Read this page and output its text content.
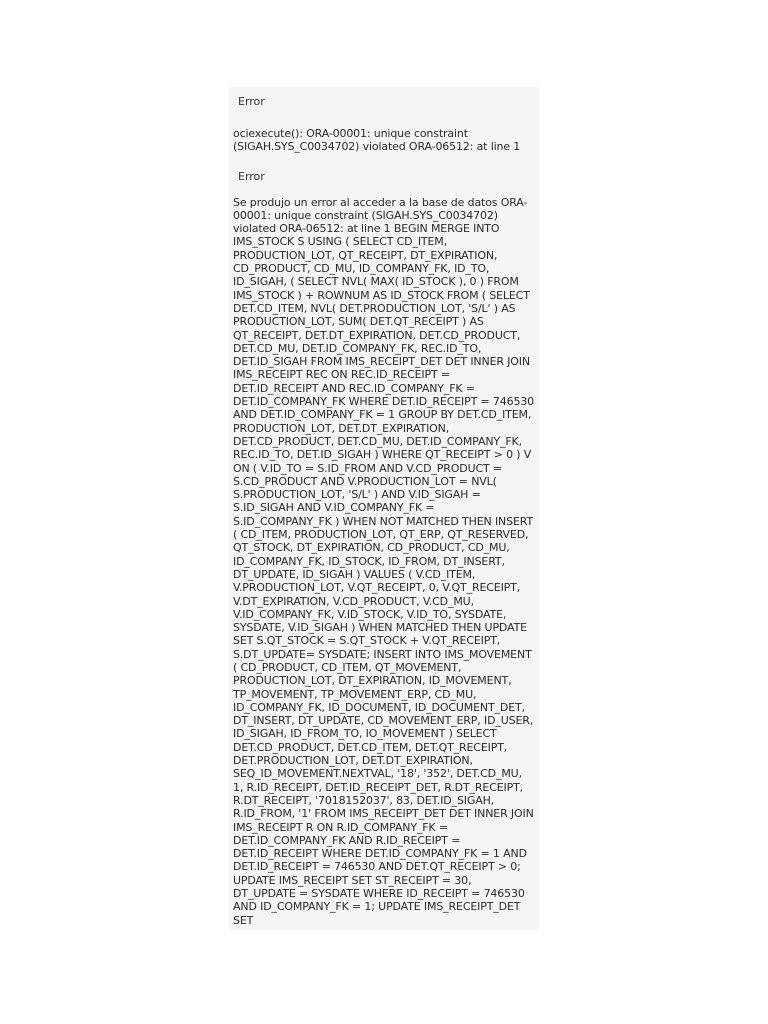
Error
ociexecute(): ORA-00001: unique constraint (SIGAH.SYS_C0034702) violated ORA-06512: at line 1
Error
Se produjo un error al acceder a la base de datos ORA-00001: unique constraint (SIGAH.SYS_C0034702) violated ORA-06512: at line 1 BEGIN MERGE INTO IMS_STOCK S USING ( SELECT CD_ITEM, PRODUCTION_LOT, QT_RECEIPT, DT_EXPIRATION, CD_PRODUCT, CD_MU, ID_COMPANY_FK, ID_TO, ID_SIGAH, ( SELECT NVL( MAX( ID_STOCK ), 0 ) FROM IMS_STOCK ) + ROWNUM AS ID_STOCK FROM ( SELECT DET.CD_ITEM, NVL( DET.PRODUCTION_LOT, 'S/L' ) AS PRODUCTION_LOT, SUM( DET.QT_RECEIPT ) AS QT_RECEIPT, DET.DT_EXPIRATION, DET.CD_PRODUCT, DET.CD_MU, DET.ID_COMPANY_FK, REC.ID_TO, DET.ID_SIGAH FROM IMS_RECEIPT_DET DET INNER JOIN IMS_RECEIPT REC ON REC.ID_RECEIPT = DET.ID_RECEIPT AND REC.ID_COMPANY_FK = DET.ID_COMPANY_FK WHERE DET.ID_RECEIPT = 746530 AND DET.ID_COMPANY_FK = 1 GROUP BY DET.CD_ITEM, PRODUCTION_LOT, DET.DT_EXPIRATION, DET.CD_PRODUCT, DET.CD_MU, DET.ID_COMPANY_FK, REC.ID_TO, DET.ID_SIGAH ) WHERE QT_RECEIPT > 0 ) V ON ( V.ID_TO = S.ID_FROM AND V.CD_PRODUCT = S.CD_PRODUCT AND V.PRODUCTION_LOT = NVL( S.PRODUCTION_LOT, 'S/L' ) AND V.ID_SIGAH = S.ID_SIGAH AND V.ID_COMPANY_FK = S.ID_COMPANY_FK ) WHEN NOT MATCHED THEN INSERT ( CD_ITEM, PRODUCTION_LOT, QT_ERP, QT_RESERVED, QT_STOCK, DT_EXPIRATION, CD_PRODUCT, CD_MU, ID_COMPANY_FK, ID_STOCK, ID_FROM, DT_INSERT, DT_UPDATE, ID_SIGAH ) VALUES ( V.CD_ITEM, V.PRODUCTION_LOT, V.QT_RECEIPT, 0, V.QT_RECEIPT, V.DT_EXPIRATION, V.CD_PRODUCT, V.CD_MU, V.ID_COMPANY_FK, V.ID_STOCK, V.ID_TO, SYSDATE, SYSDATE, V.ID_SIGAH ) WHEN MATCHED THEN UPDATE SET S.QT_STOCK = S.QT_STOCK + V.QT_RECEIPT, S.DT_UPDATE= SYSDATE; INSERT INTO IMS_MOVEMENT ( CD_PRODUCT, CD_ITEM, QT_MOVEMENT, PRODUCTION_LOT, DT_EXPIRATION, ID_MOVEMENT, TP_MOVEMENT, TP_MOVEMENT_ERP, CD_MU, ID_COMPANY_FK, ID_DOCUMENT, ID_DOCUMENT_DET, DT_INSERT, DT_UPDATE, CD_MOVEMENT_ERP, ID_USER, ID_SIGAH, ID_FROM_TO, IO_MOVEMENT ) SELECT DET.CD_PRODUCT, DET.CD_ITEM, DET.QT_RECEIPT, DET.PRODUCTION_LOT, DET.DT_EXPIRATION, SEQ_ID_MOVEMENT.NEXTVAL, '18', '352', DET.CD_MU, 1, R.ID_RECEIPT, DET.ID_RECEIPT_DET, R.DT_RECEIPT, R.DT_RECEIPT, '7018152037', 83, DET.ID_SIGAH, R.ID_FROM, '1' FROM IMS_RECEIPT_DET DET INNER JOIN IMS_RECEIPT R ON R.ID_COMPANY_FK = DET.ID_COMPANY_FK AND R.ID_RECEIPT = DET.ID_RECEIPT WHERE DET.ID_COMPANY_FK = 1 AND DET.ID_RECEIPT = 746530 AND DET.QT_RECEIPT > 0; UPDATE IMS_RECEIPT SET ST_RECEIPT = 30, DT_UPDATE = SYSDATE WHERE ID_RECEIPT = 746530 AND ID_COMPANY_FK = 1; UPDATE IMS_RECEIPT_DET SET
